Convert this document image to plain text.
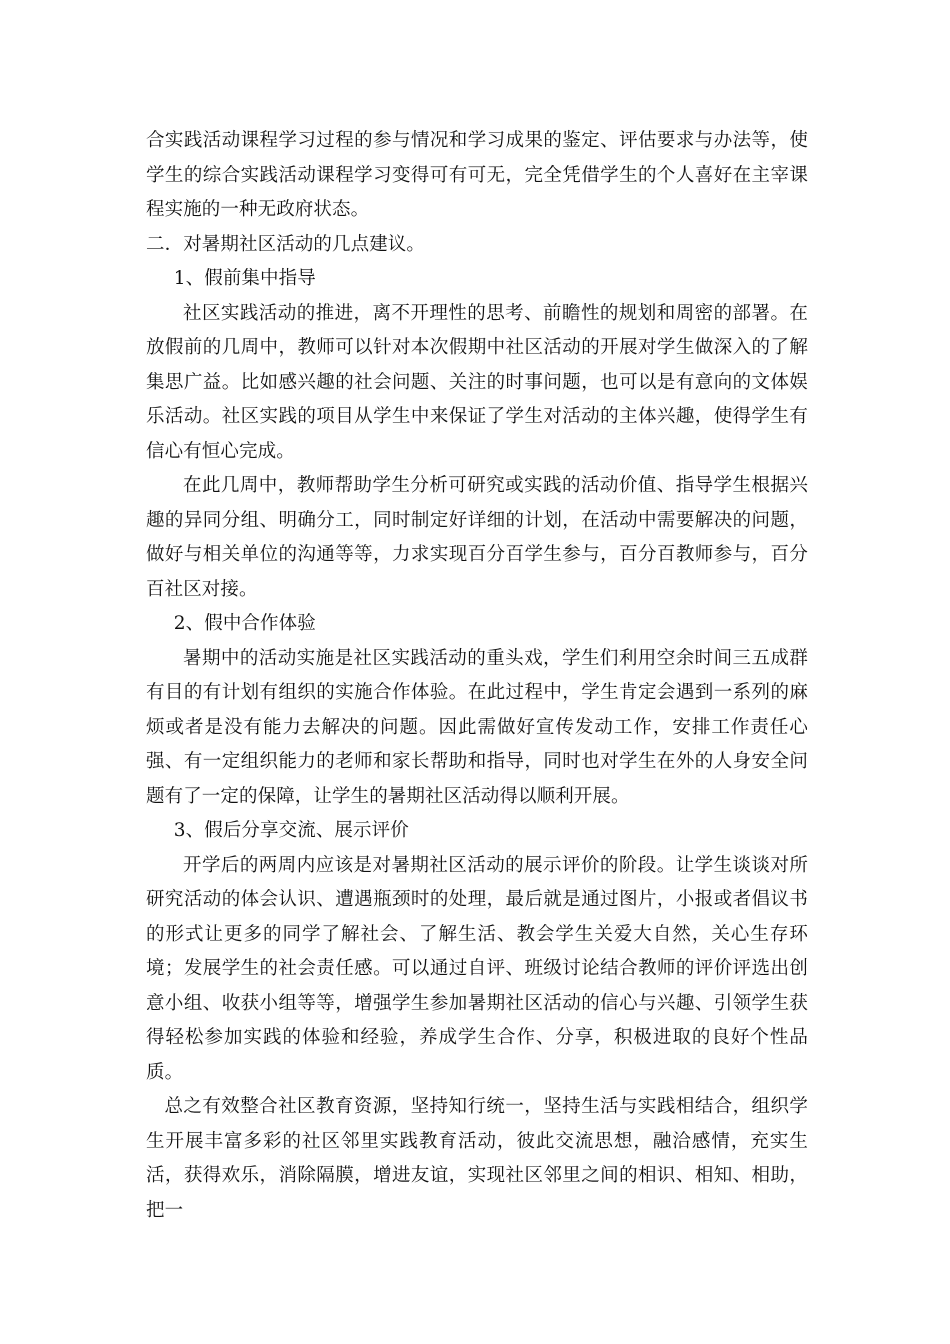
合实践活动课程学习过程的参与情况和学习成果的鉴定、评估要求与办法等，使学生的综合实践活动课程学习变得可有可无，完全凭借学生的个人喜好在主宰课程实施的一种无政府状态。

二．对暑期社区活动的几点建议。

1、假前集中指导

社区实践活动的推进，离不开理性的思考、前瞻性的规划和周密的部署。在放假前的几周中，教师可以针对本次假期中社区活动的开展对学生做深入的了解集思广益。比如感兴趣的社会问题、关注的时事问题，也可以是有意向的文体娱乐活动。社区实践的项目从学生中来保证了学生对活动的主体兴趣，使得学生有信心有恒心完成。

在此几周中，教师帮助学生分析可研究或实践的活动价值、指导学生根据兴趣的异同分组、明确分工，同时制定好详细的计划，在活动中需要解决的问题，做好与相关单位的沟通等等，力求实现百分百学生参与，百分百教师参与，百分百社区对接。

2、假中合作体验

暑期中的活动实施是社区实践活动的重头戏，学生们利用空余时间三五成群有目的有计划有组织的实施合作体验。在此过程中，学生肯定会遇到一系列的麻烦或者是没有能力去解决的问题。因此需做好宣传发动工作，安排工作责任心强、有一定组织能力的老师和家长帮助和指导，同时也对学生在外的人身安全问题有了一定的保障，让学生的暑期社区活动得以顺利开展。

3、假后分享交流、展示评价

开学后的两周内应该是对暑期社区活动的展示评价的阶段。让学生谈谈对所研究活动的体会认识、遭遇瓶颈时的处理，最后就是通过图片，小报或者倡议书的形式让更多的同学了解社会、了解生活、教会学生关爱大自然，关心生存环境；发展学生的社会责任感。可以通过自评、班级讨论结合教师的评价评选出创意小组、收获小组等等，增强学生参加暑期社区活动的信心与兴趣、引领学生获得轻松参加实践的体验和经验，养成学生合作、分享，积极进取的良好个性品质。

总之有效整合社区教育资源，坚持知行统一，坚持生活与实践相结合，组织学生开展丰富多彩的社区邻里实践教育活动，彼此交流思想，融洽感情，充实生活，获得欢乐，消除隔膜，增进友谊，实现社区邻里之间的相识、相知、相助，把一
